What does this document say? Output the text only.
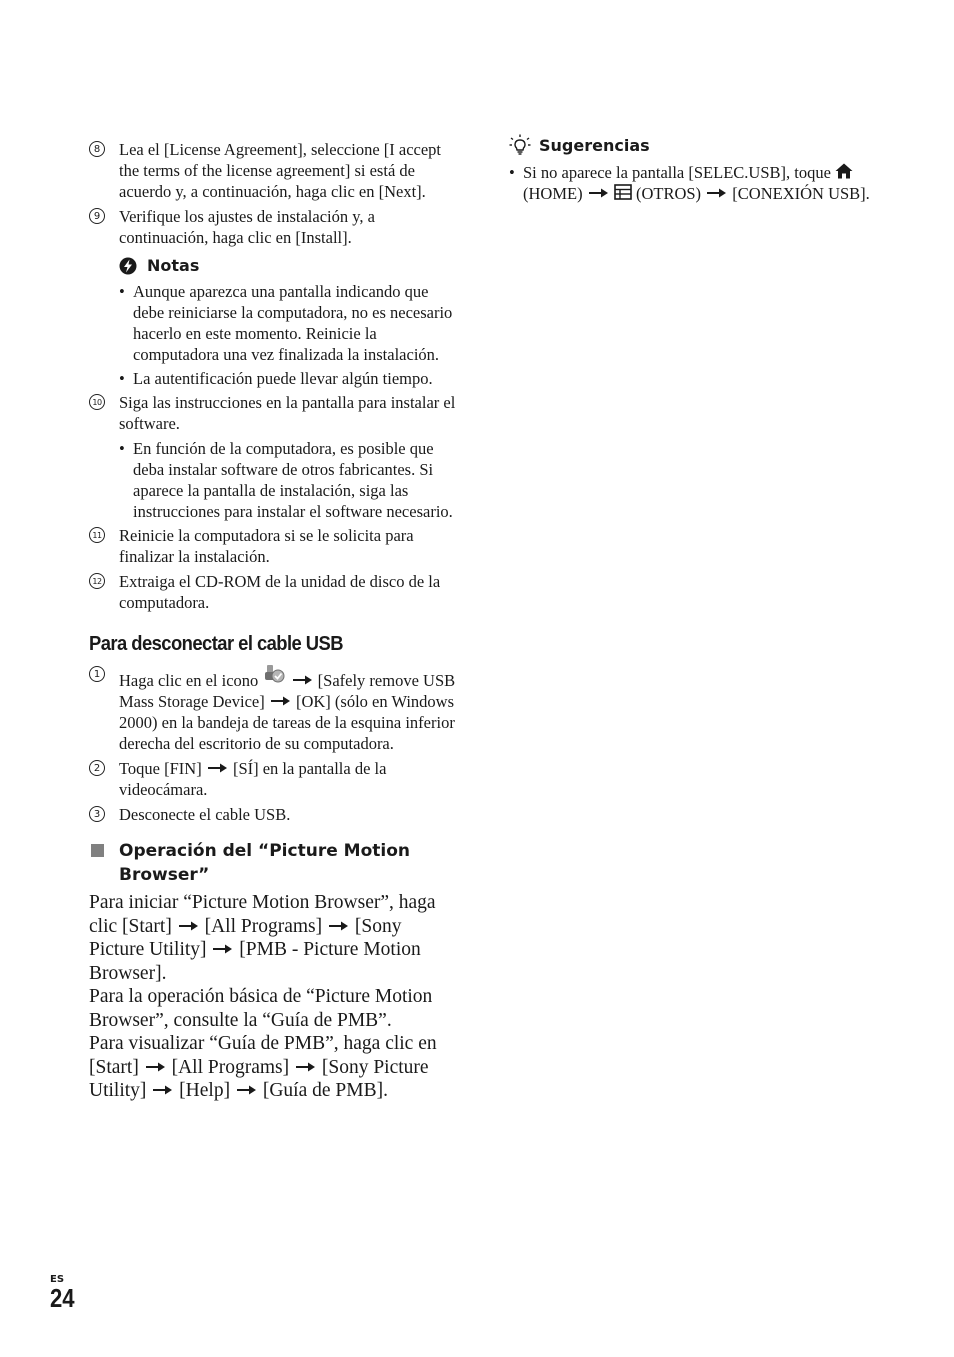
8 Lea el [License Agreement], seleccione [I accept the terms of the license agreement] si está de acuerdo y, a continuación, haga clic en [Next].
9 Verifique los ajustes de instalación y, a continuación, haga clic en [Install].
Notas
• Aunque aparezca una pantalla indicando que debe reiniciarse la computadora, no es necesario hacerlo en este momento. Reinicie la computadora una vez finalizada la instalación.
• La autentificación puede llevar algún tiempo.
10 Siga las instrucciones en la pantalla para instalar el software.
• En función de la computadora, es posible que deba instalar software de otros fabricantes. Si aparece la pantalla de instalación, siga las instrucciones para instalar el software necesario.
11 Reinicie la computadora si se le solicita para finalizar la instalación.
12 Extraiga el CD-ROM de la unidad de disco de la computadora.
Para desconectar el cable USB
1 Haga clic en el icono	[Safely remove USB Mass Storage Device] [OK] (sólo en Windows 2000) en la bandeja de tareas de la esquina inferior derecha del escritorio de su computadora.
2 Toque [FIN] [SÍ] en la pantalla de la videocámara.
3 Desconecte el cable USB.
Operación del “Picture Motion Browser”

Para iniciar “Picture Motion Browser”, haga clic [Start] [All Programs] [Sony Picture Utility] [PMB - Picture Motion Browser].

Para la operación básica de “Picture Motion Browser”, consulte la “Guía de PMB”.

Para visualizar “Guía de PMB”, haga clic en [Start] [All Programs] [Sony Picture Utility] [Help] [Guía de PMB].

Sugerencias
• Si no aparece la pantalla [SELEC.USB], toque  (HOME)	(OTROS) [CONEXIÓN USB].
ES
24
